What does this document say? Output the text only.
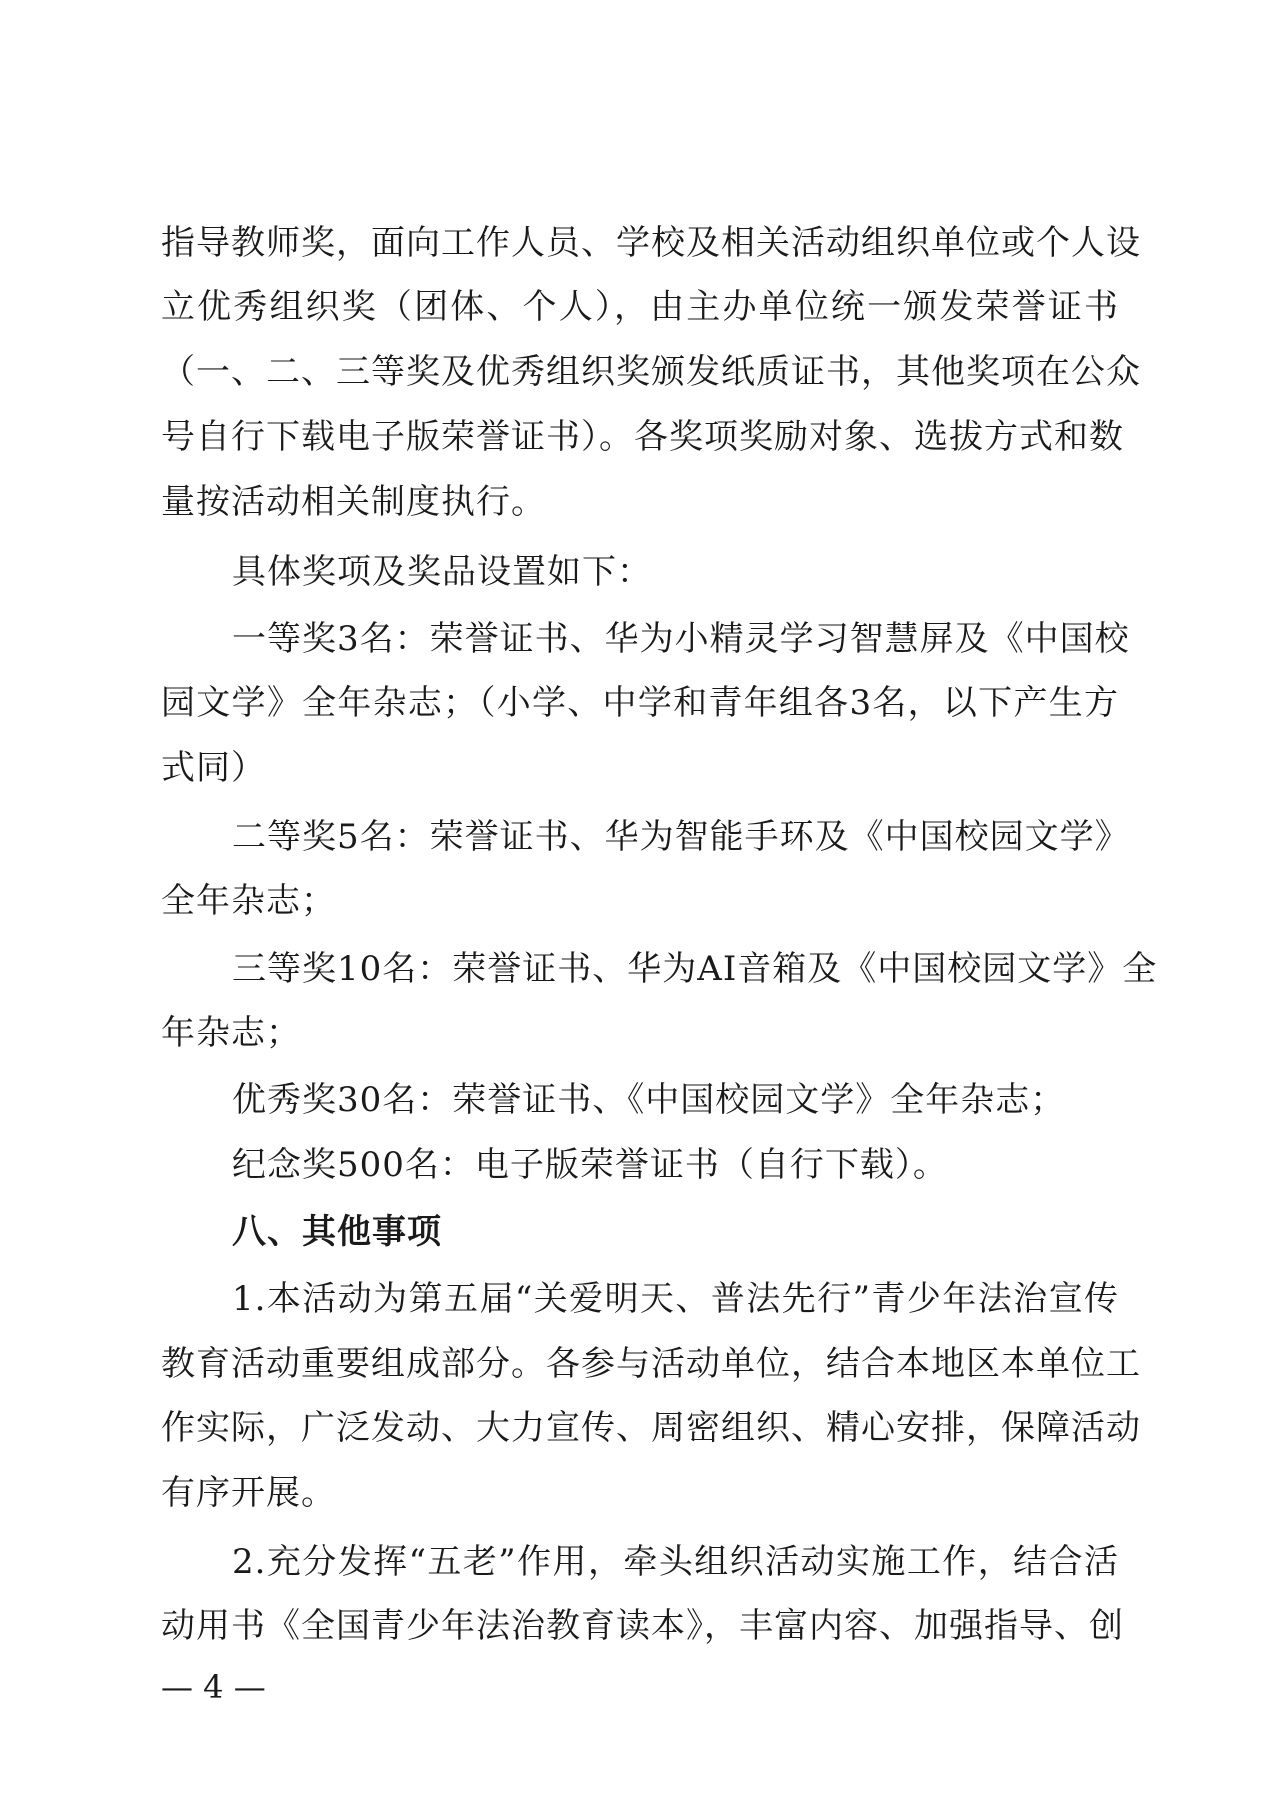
指导教师奖，面向工作人员、学校及相关活动组织单位或个人设
立优秀组织奖（团体、个人），由主办单位统一颁发荣誉证书
（一、二、三等奖及优秀组织奖颁发纸质证书，其他奖项在公众
号自行下载电子版荣誉证书）。各奖项奖励对象、选拔方式和数
量按活动相关制度执行。
具体奖项及奖品设置如下：
一等奖3名：荣誉证书、华为小精灵学习智慧屏及《中国校
园文学》全年杂志；（小学、中学和青年组各3名，以下产生方
式同）
二等奖5名：荣誉证书、华为智能手环及《中国校园文学》
全年杂志；
三等奖10名：荣誉证书、华为AI音箱及《中国校园文学》全
年杂志；
优秀奖30名：荣誉证书、《中国校园文学》全年杂志；
纪念奖500名：电子版荣誉证书（自行下载）。
八、其他事项
1.本活动为第五届“关爱明天、普法先行”青少年法治宣传
教育活动重要组成部分。各参与活动单位，结合本地区本单位工
作实际，广泛发动、大力宣传、周密组织、精心安排，保障活动
有序开展。
2.充分发挥“五老”作用，牵头组织活动实施工作，结合活
动用书《全国青少年法治教育读本》，丰富内容、加强指导、创
— 4 —
